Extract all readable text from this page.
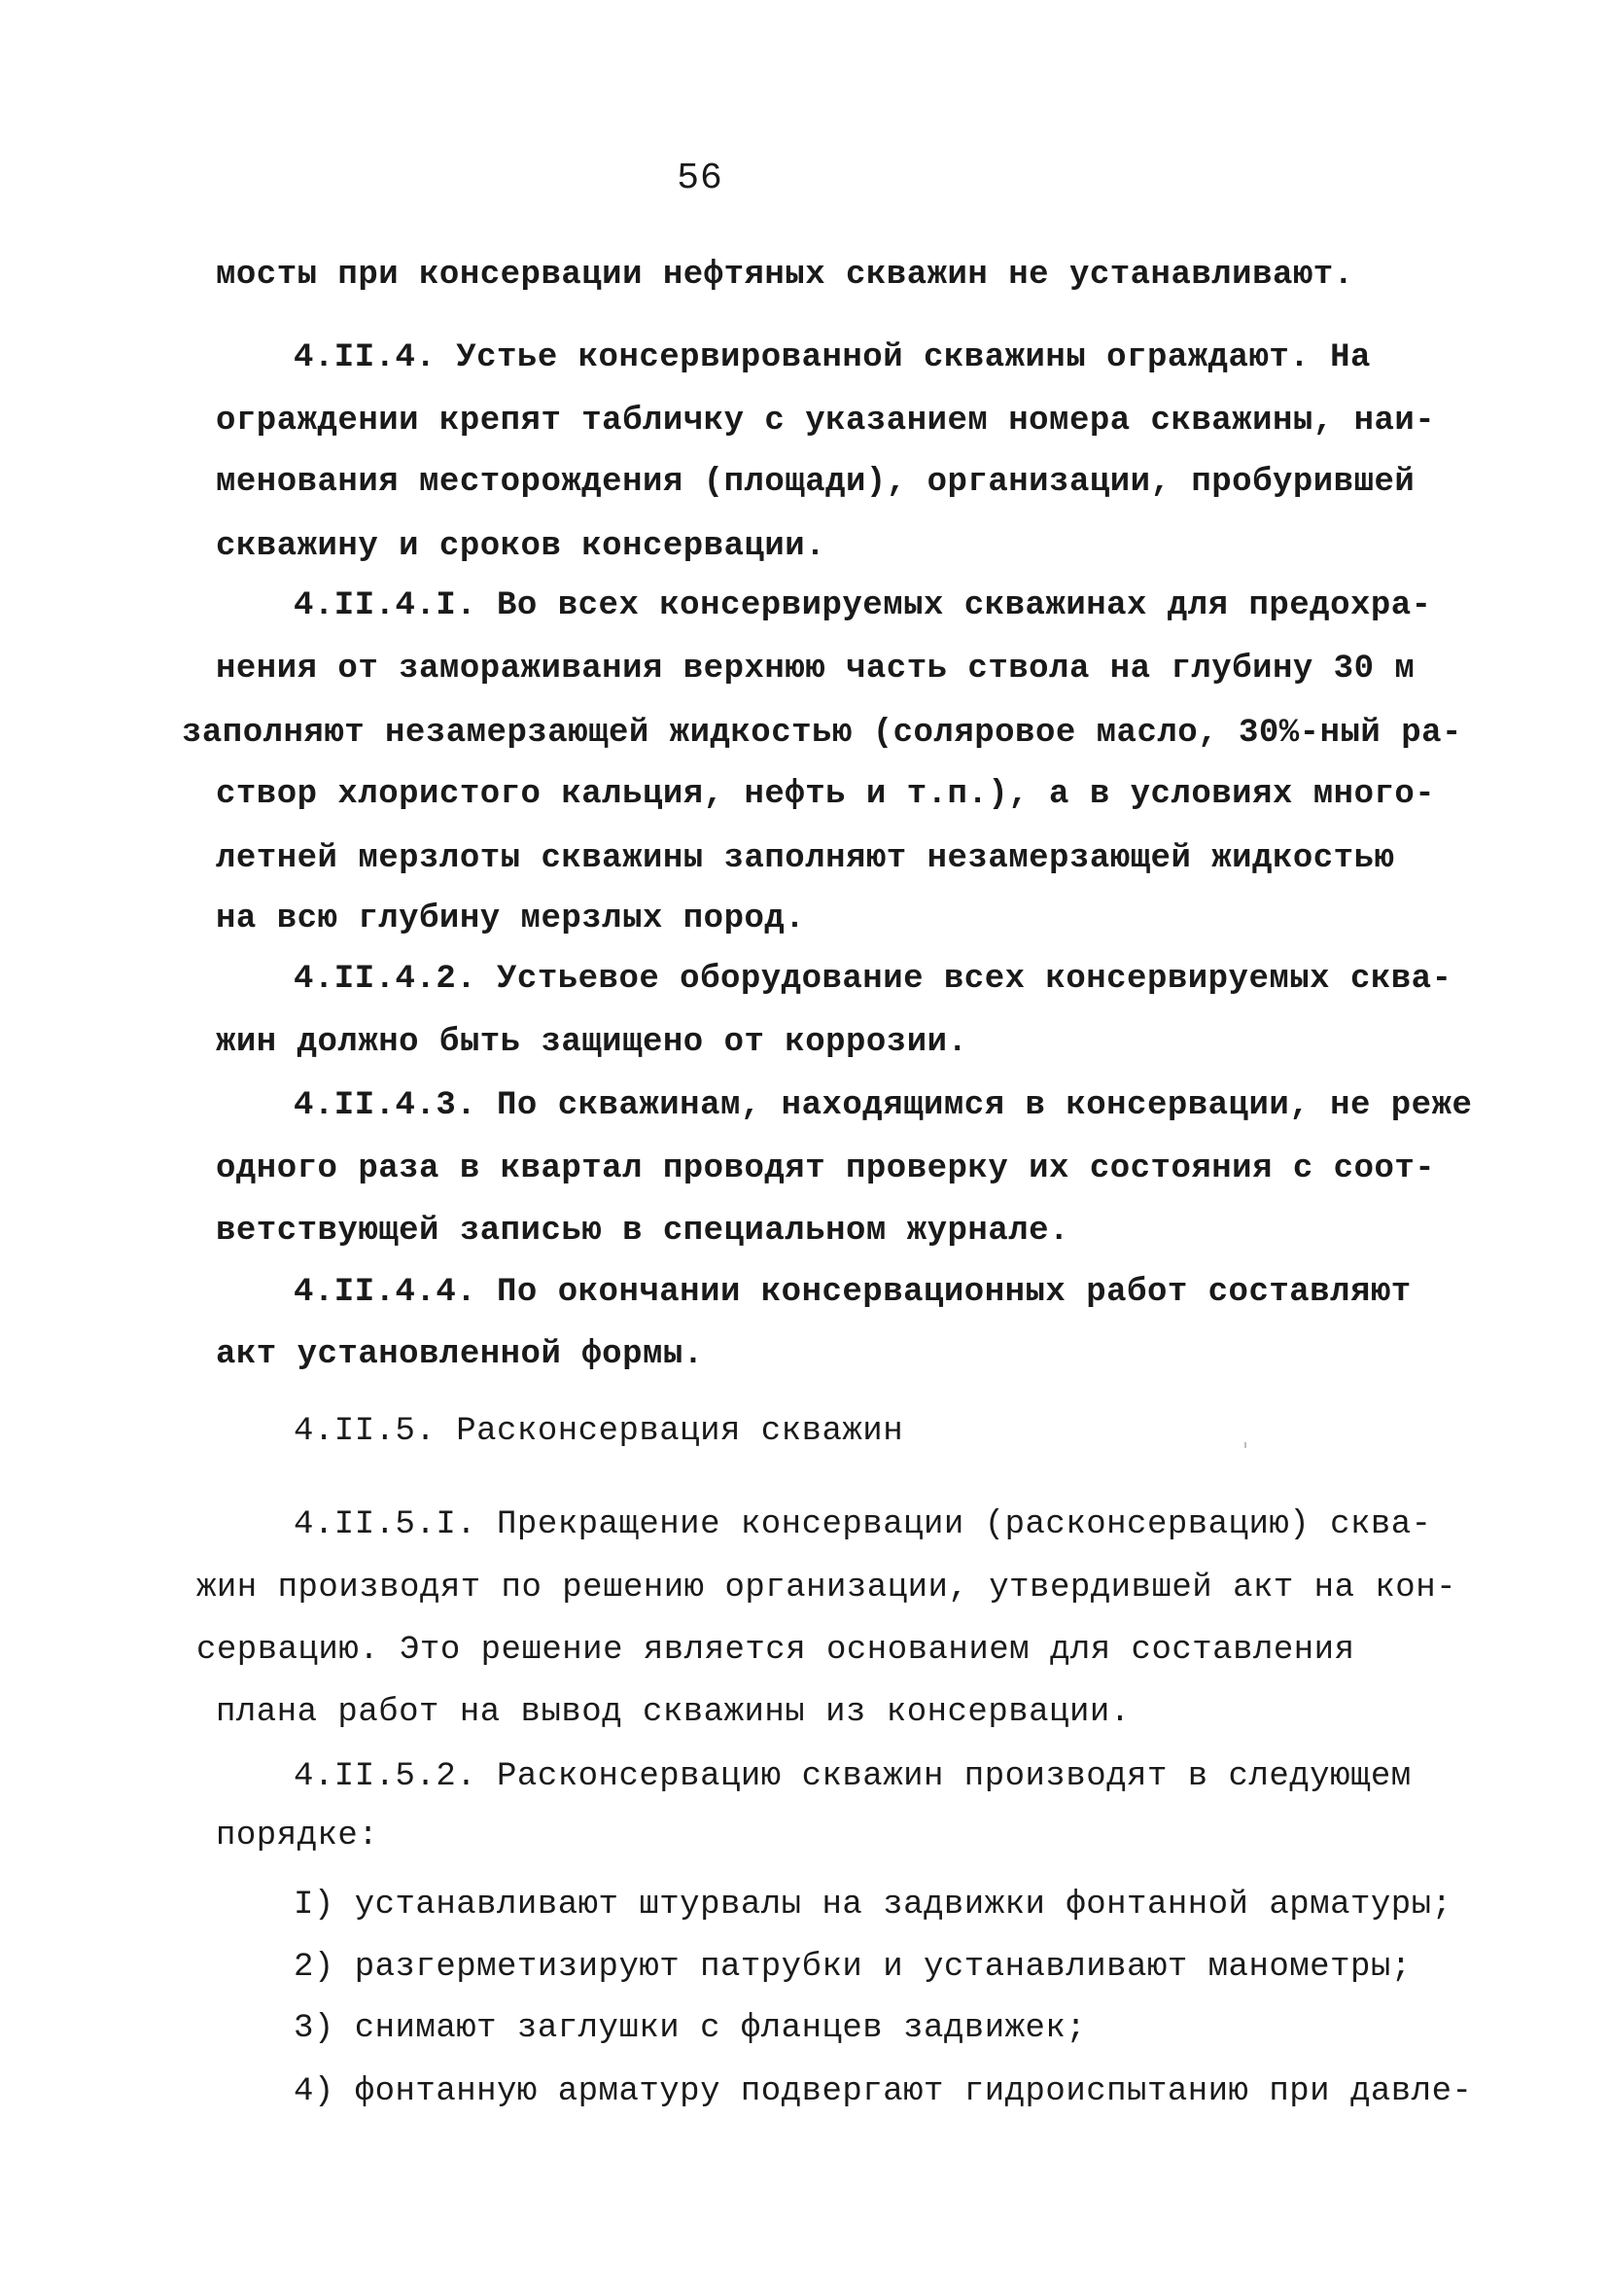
56
мосты при консервации нефтяных скважин не устанавливают.
4.II.4. Устье консервированной скважины ограждают. На
ограждении крепят табличку с указанием номера скважины, наи-
менования месторождения (площади), организации, пробурившей
скважину и сроков консервации.
4.II.4.I. Во всех консервируемых скважинах для предохра-
нения от замораживания верхнюю часть ствола на глубину 30 м
заполняют незамерзающей жидкостью (соляровое масло, 30%-ный ра-
створ хлористого кальция, нефть и т.п.), а в условиях много-
летней мерзлоты скважины заполняют незамерзающей жидкостью
на всю глубину мерзлых пород.
4.II.4.2. Устьевое оборудование всех консервируемых сква-
жин должно быть защищено от коррозии.
4.II.4.3. По скважинам, находящимся в консервации, не реже
одного раза в квартал проводят проверку их состояния с соот-
ветствующей записью в специальном журнале.
4.II.4.4. По окончании консервационных работ составляют
акт установленной формы.
4.II.5. Расконсервация скважин
4.II.5.I. Прекращение консервации (расконсервацию) сква-
жин производят по решению организации, утвердившей акт на кон-
сервацию. Это решение является основанием для составления
плана работ на вывод скважины из консервации.
4.II.5.2. Расконсервацию скважин производят в следующем
порядке:
I) устанавливают штурвалы на задвижки фонтанной арматуры;
2) разгерметизируют патрубки и устанавливают манометры;
3) снимают заглушки с фланцев задвижек;
4) фонтанную арматуру подвергают гидроиспытанию при давле-
